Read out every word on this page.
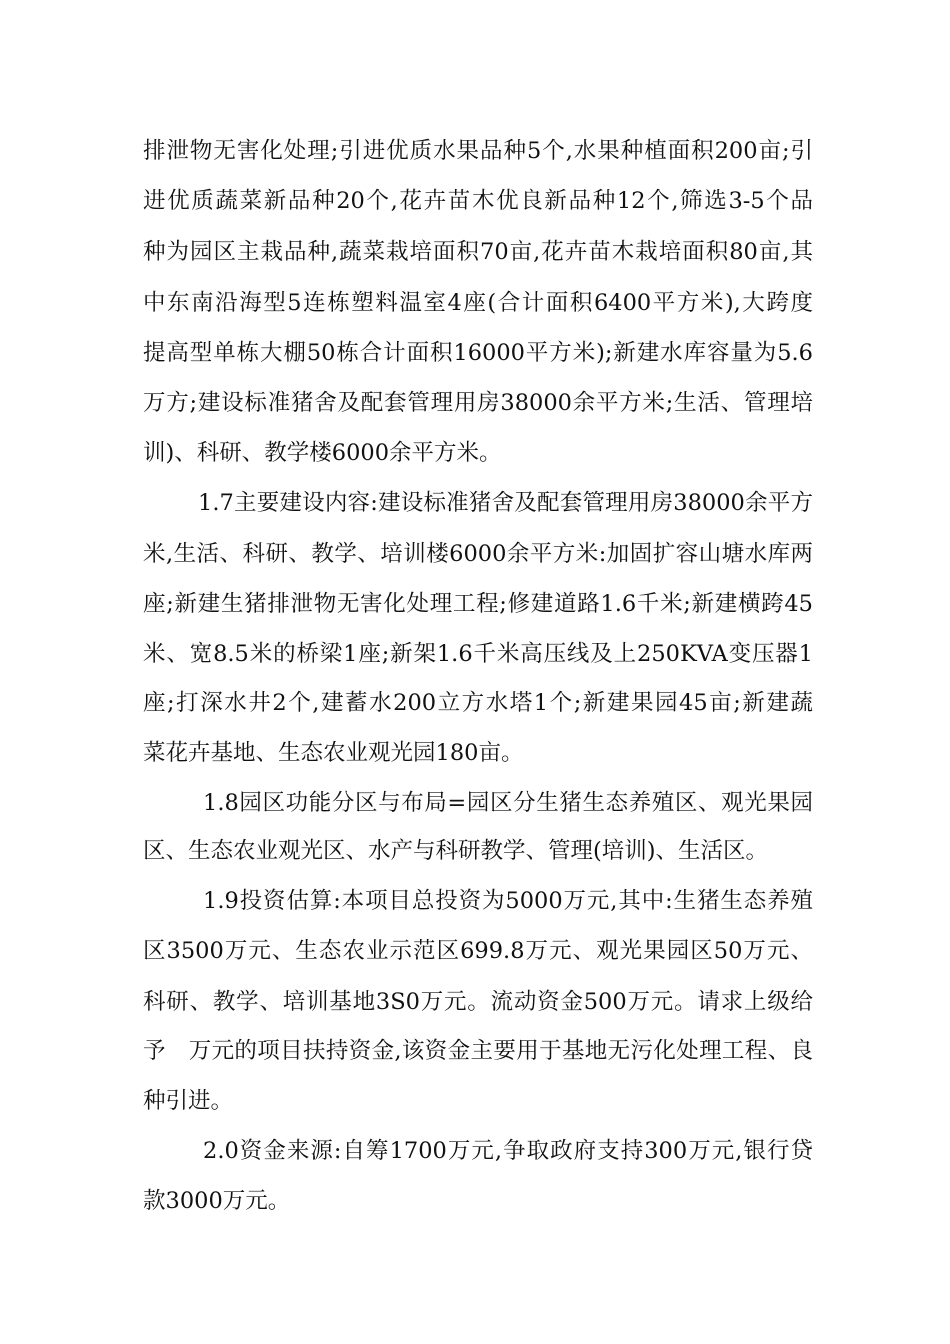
排泄物无害化处理;引进优质水果品种5个,水果种植面积200亩;引
进优质蔬菜新品种20个,花卉苗木优良新品种12个,筛选3-5个品
种为园区主栽品种,蔬菜栽培面积70亩,花卉苗木栽培面积80亩,其
中东南沿海型5连栋塑料温室4座(合计面积6400平方米),大跨度
提高型单栋大棚50栋合计面积16000平方米);新建水库容量为5.6
万方;建设标准猪舍及配套管理用房38000余平方米;生活、管理培
训)、科研、教学楼6000余平方米。
1.7主要建设内容:建设标准猪舍及配套管理用房38000余平方
米,生活、科研、教学、培训楼6000余平方米:加固扩容山塘水库两
座;新建生猪排泄物无害化处理工程;修建道路1.6千米;新建横跨45
米、宽8.5米的桥梁1座;新架1.6千米高压线及上250KVA变压器1
座;打深水井2个,建蓄水200立方水塔1个;新建果园45亩;新建蔬
菜花卉基地、生态农业观光园180亩。
1.8园区功能分区与布局=园区分生猪生态养殖区、观光果园
区、生态农业观光区、水产与科研教学、管理(培训)、生活区。
1.9投资估算:本项目总投资为5000万元,其中:生猪生态养殖
区3500万元、生态农业示范区699.8万元、观光果园区50万元、
科研、教学、培训基地3S0万元。流动资金500万元。请求上级给
予　万元的项目扶持资金,该资金主要用于基地无污化处理工程、良
种引进。
2.0资金来源:自筹1700万元,争取政府支持300万元,银行贷
款3000万元。
